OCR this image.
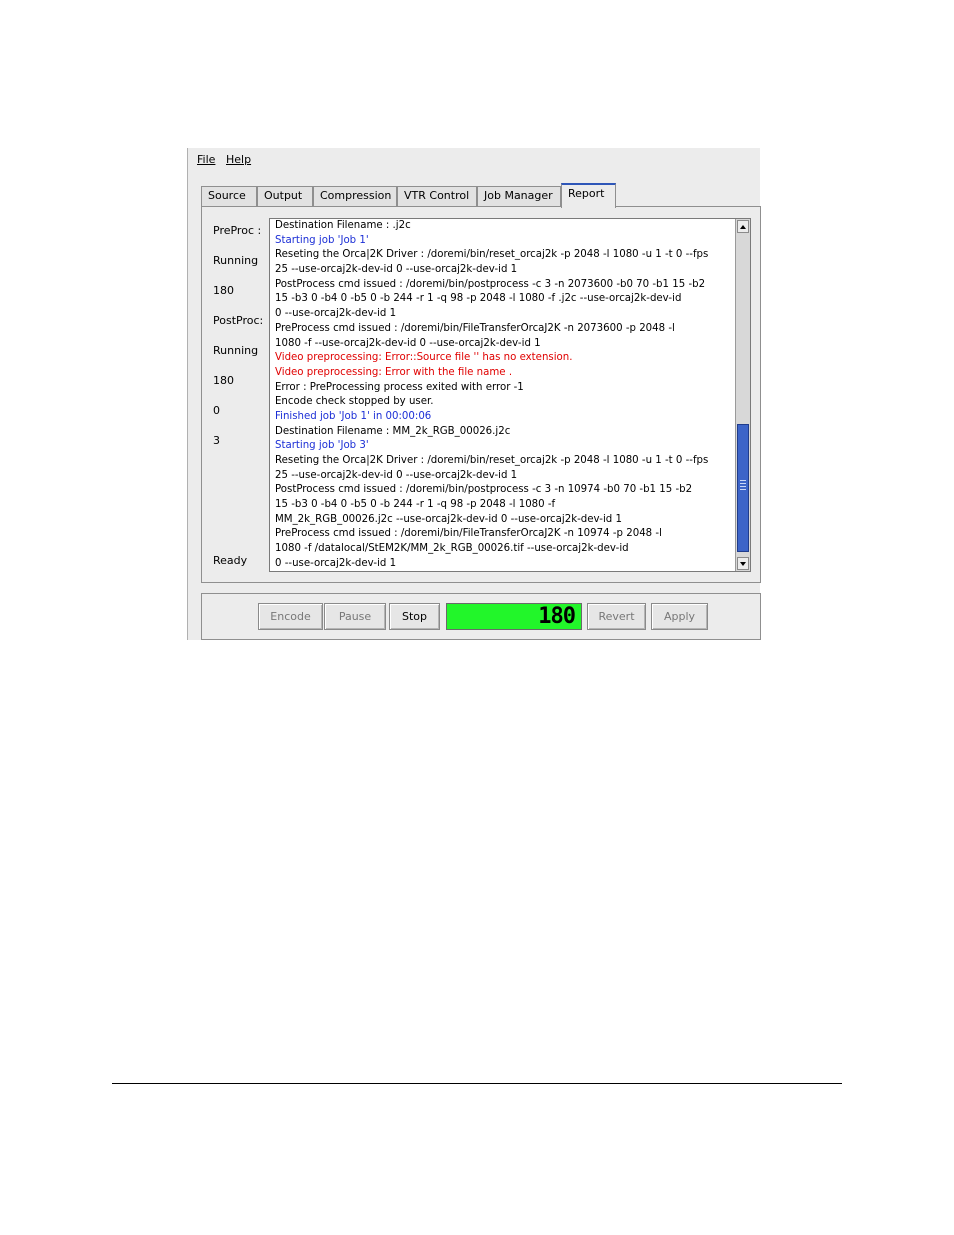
File Help
Source	Output	Compression	VTR Control	Job Manager	Report
PreProc :
Running
180
PostProc:
Running
180
0
3
Ready
Destination Filename : .j2c
Starting job 'Job 1'
Reseting the Orca|2K Driver : /doremi/bin/reset_orcaj2k -p 2048 -l 1080 -u 1 -t 0 --fps
25 --use-orcaj2k-dev-id 0 --use-orcaj2k-dev-id 1
PostProcess cmd issued : /doremi/bin/postprocess -c 3 -n 2073600 -b0 70 -b1 15 -b2
15 -b3 0 -b4 0 -b5 0 -b 244 -r 1 -q 98 -p 2048 -l 1080 -f .j2c --use-orcaj2k-dev-id
0 --use-orcaj2k-dev-id 1
PreProcess cmd issued : /doremi/bin/FileTransferOrcaJ2K -n 2073600 -p 2048 -l
1080 -f --use-orcaj2k-dev-id 0 --use-orcaj2k-dev-id 1
Video preprocessing: Error::Source file '' has no extension.
Video preprocessing: Error with the file name .
Error : PreProcessing process exited with error -1
Encode check stopped by user.
Finished job 'Job 1' in 00:00:06
Destination Filename : MM_2k_RGB_00026.j2c
Starting job 'Job 3'
Reseting the Orca|2K Driver : /doremi/bin/reset_orcaj2k -p 2048 -l 1080 -u 1 -t 0 --fps
25 --use-orcaj2k-dev-id 0 --use-orcaj2k-dev-id 1
PostProcess cmd issued : /doremi/bin/postprocess -c 3 -n 10974 -b0 70 -b1 15 -b2
15 -b3 0 -b4 0 -b5 0 -b 244 -r 1 -q 98 -p 2048 -l 1080 -f
MM_2k_RGB_00026.j2c --use-orcaj2k-dev-id 0 --use-orcaj2k-dev-id 1
PreProcess cmd issued : /doremi/bin/FileTransferOrcaJ2K -n 10974 -p 2048 -l
1080 -f /datalocal/StEM2K/MM_2k_RGB_00026.tif --use-orcaj2k-dev-id
0 --use-orcaj2k-dev-id 1
Encode	Pause	Stop	180	Revert	Apply
